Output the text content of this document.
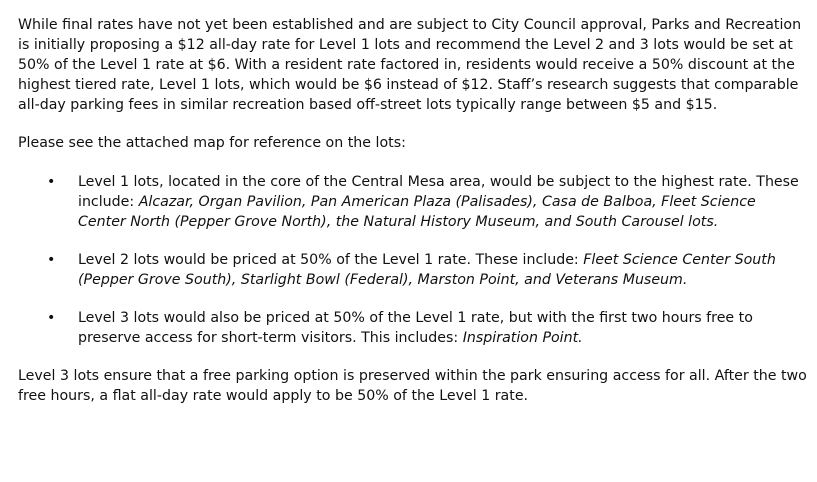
While final rates have not yet been established and are subject to City Council approval, Parks and Recreation is initially proposing a $12 all-day rate for Level 1 lots and recommend the Level 2 and 3 lots would be set at 50% of the Level 1 rate at $6. With a resident rate factored in, residents would receive a 50% discount at the highest tiered rate, Level 1 lots, which would be $6 instead of $12. Staff’s research suggests that comparable all-day parking fees in similar recreation based off-street lots typically range between $5 and $15.

Please see the attached map for reference on the lots:

• Level 1 lots, located in the core of the Central Mesa area, would be subject to the highest rate. These include: Alcazar, Organ Pavilion, Pan American Plaza (Palisades), Casa de Balboa, Fleet Science Center North (Pepper Grove North), the Natural History Museum, and South Carousel lots.
• Level 2 lots would be priced at 50% of the Level 1 rate. These include: Fleet Science Center South (Pepper Grove South), Starlight Bowl (Federal), Marston Point, and Veterans Museum.
• Level 3 lots would also be priced at 50% of the Level 1 rate, but with the first two hours free to preserve access for short-term visitors. This includes: Inspiration Point.

Level 3 lots ensure that a free parking option is preserved within the park ensuring access for all. After the two free hours, a flat all-day rate would apply to be 50% of the Level 1 rate.
